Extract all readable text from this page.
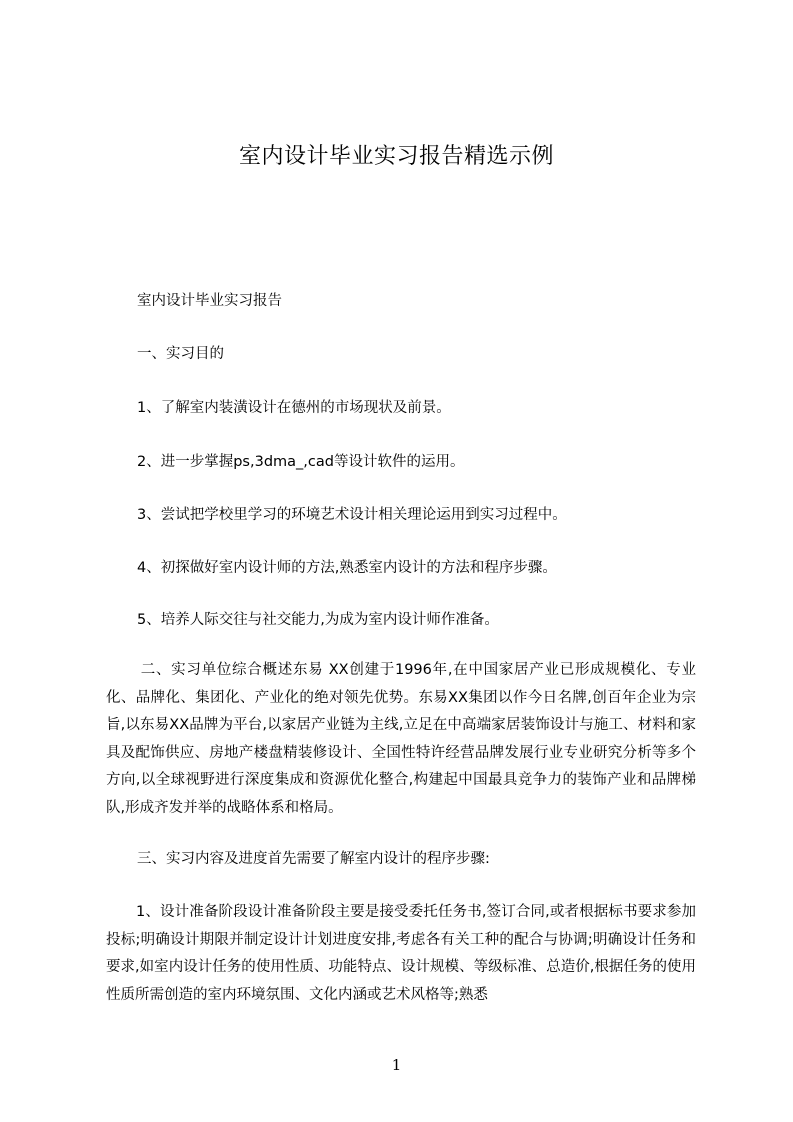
室内设计毕业实习报告精选示例

室内设计毕业实习报告

一、实习目的

1、了解室内装潢设计在德州的市场现状及前景。

2、进一步掌握ps,3dma_,cad等设计软件的运用。

3、尝试把学校里学习的环境艺术设计相关理论运用到实习过程中。

4、初探做好室内设计师的方法,熟悉室内设计的方法和程序步骤。

5、培养人际交往与社交能力,为成为室内设计师作准备。

二、实习单位综合概述东易 XX创建于1996年,在中国家居产业已形成规模化、专业化、品牌化、集团化、产业化的绝对领先优势。东易XX集团以作今日名牌,创百年企业为宗旨,以东易XX品牌为平台,以家居产业链为主线,立足在中高端家居装饰设计与施工、材料和家具及配饰供应、房地产楼盘精装修设计、全国性特许经营品牌发展行业专业研究分析等多个方向,以全球视野进行深度集成和资源优化整合,构建起中国最具竞争力的装饰产业和品牌梯队,形成齐发并举的战略体系和格局。

三、实习内容及进度首先需要了解室内设计的程序步骤:

1、设计准备阶段设计准备阶段主要是接受委托任务书,签订合同,或者根据标书要求参加投标;明确设计期限并制定设计计划进度安排,考虑各有关工种的配合与协调;明确设计任务和要求,如室内设计任务的使用性质、功能特点、设计规模、等级标准、总造价,根据任务的使用性质所需创造的室内环境氛围、文化内涵或艺术风格等;熟悉

1
